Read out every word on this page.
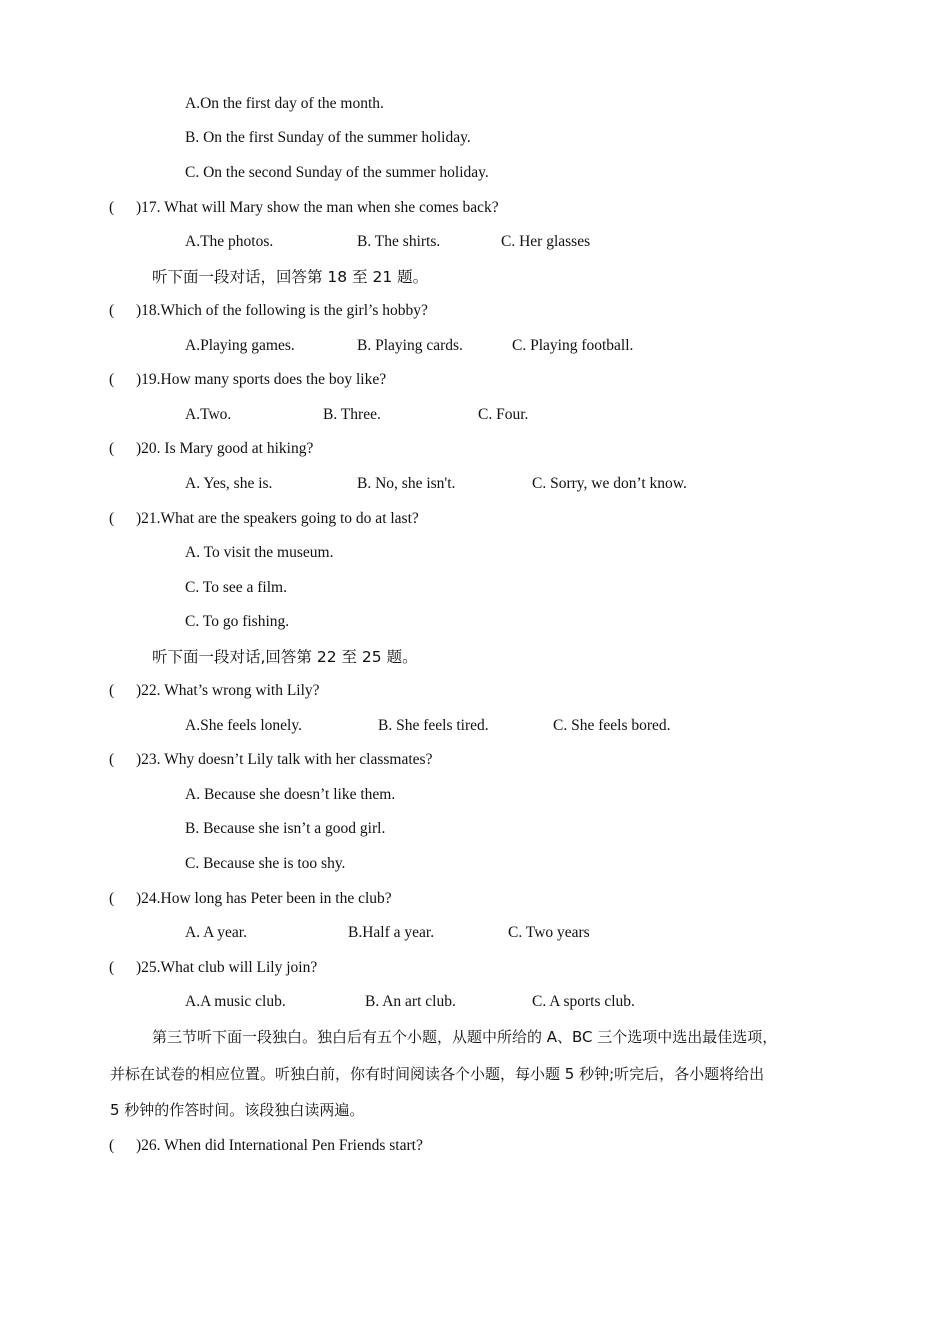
A.On the first day of the month.
B. On the first Sunday of the summer holiday.
C. On the second Sunday of the summer holiday.
( )17. What will Mary show the man when she comes back?
A.The photos.	B. The shirts.	C. Her glasses
听下面一段对话，回答第 18 至 21 题。
( )18.Which of the following is the girl’s hobby?
A.Playing games.	B. Playing cards.	C. Playing football.
( )19.How many sports does the boy like?
A.Two.	B. Three.	C. Four.
( )20. Is Mary good at hiking?
A. Yes, she is.	B. No, she isn't.	C. Sorry, we don’t know.
( )21.What are the speakers going to do at last?
A. To visit the museum.
C. To see a film.
C. To go fishing.
听下面一段对话,回答第 22 至 25 题。
( )22. What’s wrong with Lily?
A.She feels lonely.	B. She feels tired.	C. She feels bored.
( )23. Why doesn’t Lily talk with her classmates?
A. Because she doesn’t like them.
B. Because she isn’t a good girl.
C. Because she is too shy.
( )24.How long has Peter been in the club?
A. A year.	B.Half a year.	C. Two years
( )25.What club will Lily join?
A.A music club.	B. An art club.	C. A sports club.
第三节听下面一段独白。独白后有五个小题，从题中所给的 A、BC 三个选项中选出最佳选项，
并标在试卷的相应位置。听独白前，你有时间阅读各个小题，每小题 5 秒钟;听完后，各小题将给出
5 秒钟的作答时间。该段独白读两遍。
( )26. When did International Pen Friends start?
